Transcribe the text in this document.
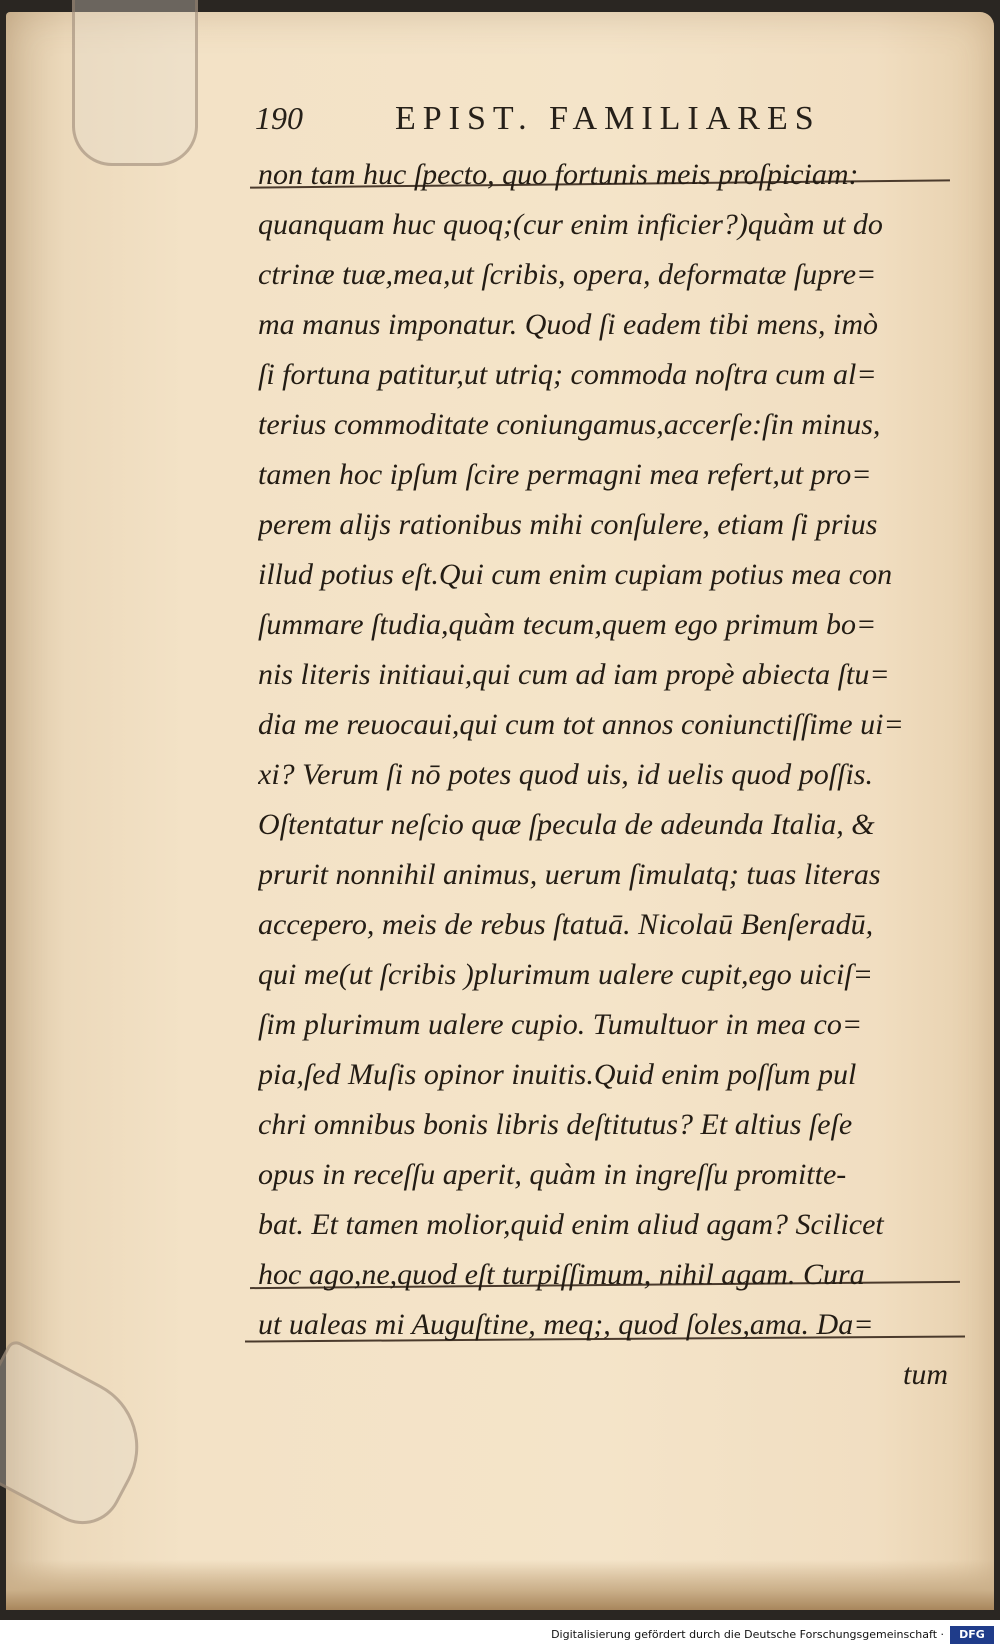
190	EPIST. FAMILIARES
non tam huc ſpecto, quo fortunis meis proſpiciam:
quanquam huc quoq;(cur enim inficier?)quàm ut do
ctrinæ tuæ,mea,ut ſcribis, opera, deformatæ ſupre=
ma manus imponatur. Quod ſi eadem tibi mens, imò
ſi fortuna patitur,ut utriq; commoda noſtra cum al=
terius commoditate coniungamus,accerſe:ſin minus,
tamen hoc ipſum ſcire permagni mea refert,ut pro=
perem alijs rationibus mihi conſulere, etiam ſi prius
illud potius eſt.Qui cum enim cupiam potius mea con
ſummare ſtudia,quàm tecum,quem ego primum bo=
nis literis initiaui,qui cum ad iam propè abiecta ſtu=
dia me reuocaui,qui cum tot annos coniunctiſſime ui=
xi? Verum ſi nō potes quod uis, id uelis quod poſſis.
Oſtentatur neſcio quæ ſpecula de adeunda Italia, &
prurit nonnihil animus, uerum ſimulatq; tuas literas
accepero, meis de rebus ſtatuā. Nicolaū Benſeradū,
qui me(ut ſcribis )plurimum ualere cupit,ego uiciſ=
ſim plurimum ualere cupio. Tumultuor in mea co=
pia,ſed Muſis opinor inuitis.Quid enim poſſum pul
chri omnibus bonis libris deſtitutus? Et altius ſeſe
opus in receſſu aperit, quàm in ingreſſu promitte-
bat. Et tamen molior,quid enim aliud agam? Scilicet
hoc ago,ne,quod eſt turpiſſimum, nihil agam. Cura
ut ualeas mi Auguſtine, meq;, quod ſoles,ama. Da=
tum
Digitalisierung gefördert durch die Deutsche Forschungsgemeinschaft ·	DFG
